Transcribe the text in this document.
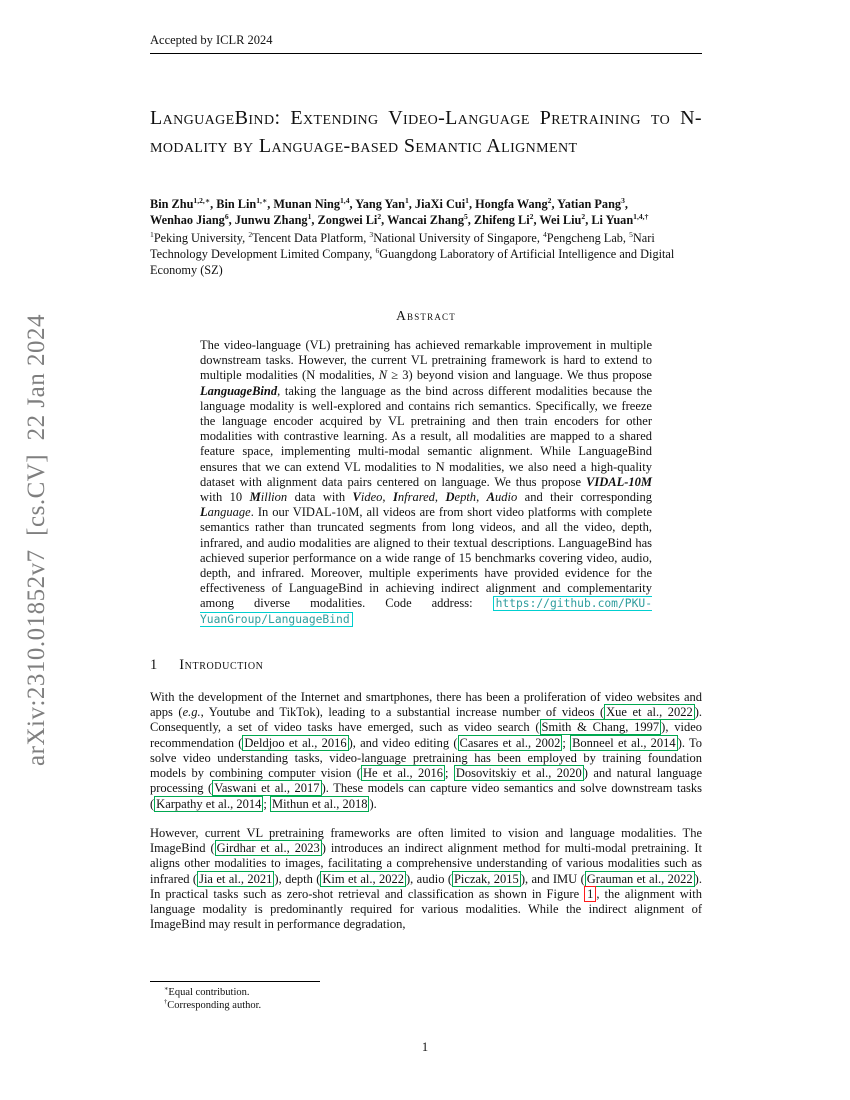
arXiv:2310.01852v7  [cs.CV]  22 Jan 2024
Accepted by ICLR 2024
LanguageBind: Extending Video-Language Pretraining to N-modality by Language-based Semantic Alignment
Bin Zhu$^{1,2,∗}$, Bin Lin$^{1,∗}$, Munan Ning$^{1,4}$, Yang Yan$^1$, JiaXi Cui$^1$, Hongfa Wang$^2$, Yatian Pang$^3$,
Wenhao Jiang$^6$, Junwu Zhang$^1$, Zongwei Li$^2$, Wancai Zhang$^5$, Zhifeng Li$^2$, Wei Liu$^2$, Li Yuan$^{1,4,\dagger}$
$^1$Peking University, $^2$Tencent Data Platform, $^3$National University of Singapore, $^4$Pengcheng Lab, $^5$Nari Technology Development Limited Company, $^6$Guangdong Laboratory of Artificial Intelligence and Digital Economy (SZ)
Abstract
The video-language (VL) pretraining has achieved remarkable improvement in multiple downstream tasks. However, the current VL pretraining framework is hard to extend to multiple modalities (N modalities, N ≥ 3) beyond vision and language. We thus propose LanguageBind, taking the language as the bind across different modalities because the language modality is well-explored and contains rich semantics. Specifically, we freeze the language encoder acquired by VL pretraining and then train encoders for other modalities with contrastive learning. As a result, all modalities are mapped to a shared feature space, implementing multi-modal semantic alignment. While LanguageBind ensures that we can extend VL modalities to N modalities, we also need a high-quality dataset with alignment data pairs centered on language. We thus propose VIDAL-10M with 10 Million data with Video, Infrared, Depth, Audio and their corresponding Language. In our VIDAL-10M, all videos are from short video platforms with complete semantics rather than truncated segments from long videos, and all the video, depth, infrared, and audio modalities are aligned to their textual descriptions. LanguageBind has achieved superior performance on a wide range of 15 benchmarks covering video, audio, depth, and infrared. Moreover, multiple experiments have provided evidence for the effectiveness of LanguageBind in achieving indirect alignment and complementarity among diverse modalities. Code address: https://github.com/PKU-YuanGroup/LanguageBind
1 Introduction

With the development of the Internet and smartphones, there has been a proliferation of video websites and apps (e.g., Youtube and TikTok), leading to a substantial increase number of videos ( Xue et al., 2022 ). Consequently, a set of video tasks have emerged, such as video search ( Smith & Chang, 1997 ), video recommendation ( Deldjoo et al., 2016 ), and video editing ( Casares et al., 2002 ; Bonneel et al., 2014 ). To solve video understanding tasks, video-language pretraining has been employed by training foundation models by combining computer vision ( He et al., 2016 ; Dosovitskiy et al., 2020 ) and natural language processing ( Vaswani et al., 2017 ). These models can capture video semantics and solve downstream tasks ( Karpathy et al., 2014 ; Mithun et al., 2018 ).

However, current VL pretraining frameworks are often limited to vision and language modalities. The ImageBind ( Girdhar et al., 2023 ) introduces an indirect alignment method for multi-modal pretraining. It aligns other modalities to images, facilitating a comprehensive understanding of various modalities such as infrared ( Jia et al., 2021 ), depth ( Kim et al., 2022 ), audio ( Piczak, 2015 ), and IMU ( Grauman et al., 2022 ). In practical tasks such as zero-shot retrieval and classification as shown in Figure 1 , the alignment with language modality is predominantly required for various modalities. While the indirect alignment of ImageBind may result in performance degradation,

∗Equal contribution.
†Corresponding author.
1
